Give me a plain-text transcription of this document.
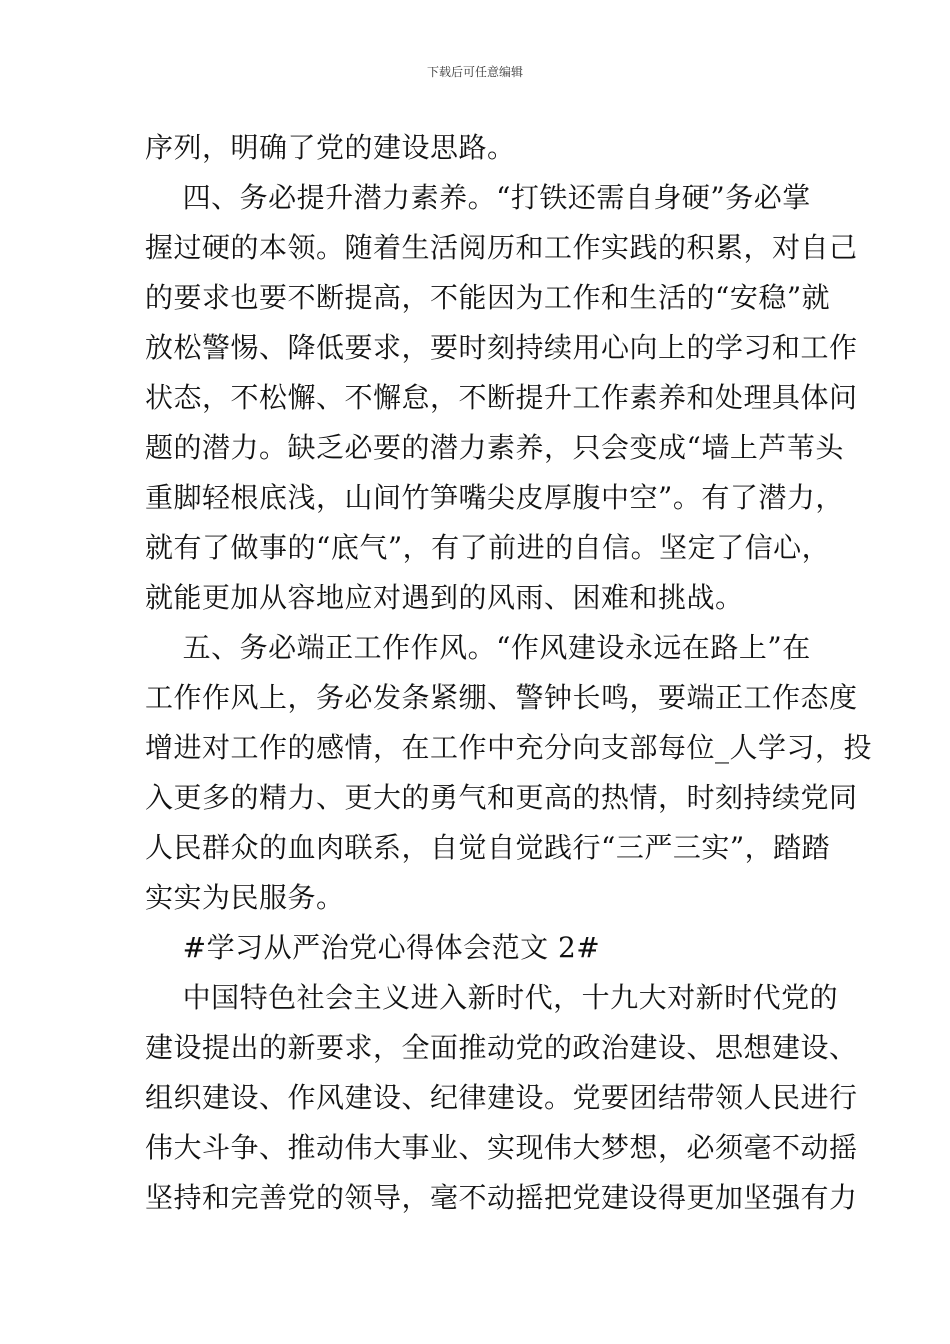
下载后可任意编辑
序列，明确了党的建设思路。
四、务必提升潜力素养。“打铁还需自身硬”务必掌
握过硬的本领。随着生活阅历和工作实践的积累，对自己
的要求也要不断提高，不能因为工作和生活的“安稳”就
放松警惕、降低要求，要时刻持续用心向上的学习和工作
状态，不松懈、不懈怠，不断提升工作素养和处理具体问
题的潜力。缺乏必要的潜力素养，只会变成“墙上芦苇头
重脚轻根底浅，山间竹笋嘴尖皮厚腹中空”。有了潜力，
就有了做事的“底气”，有了前进的自信。坚定了信心，
就能更加从容地应对遇到的风雨、困难和挑战。
五、务必端正工作作风。“作风建设永远在路上”在
工作作风上，务必发条紧绷、警钟长鸣，要端正工作态度
增进对工作的感情，在工作中充分向支部每位_人学习，投
入更多的精力、更大的勇气和更高的热情，时刻持续党同
人民群众的血肉联系，自觉自觉践行“三严三实”，踏踏
实实为民服务。
#学习从严治党心得体会范文 2#
中国特色社会主义进入新时代，十九大对新时代党的
建设提出的新要求，全面推动党的政治建设、思想建设、
组织建设、作风建设、纪律建设。党要团结带领人民进行
伟大斗争、推动伟大事业、实现伟大梦想，必须毫不动摇
坚持和完善党的领导，毫不动摇把党建设得更加坚强有力
